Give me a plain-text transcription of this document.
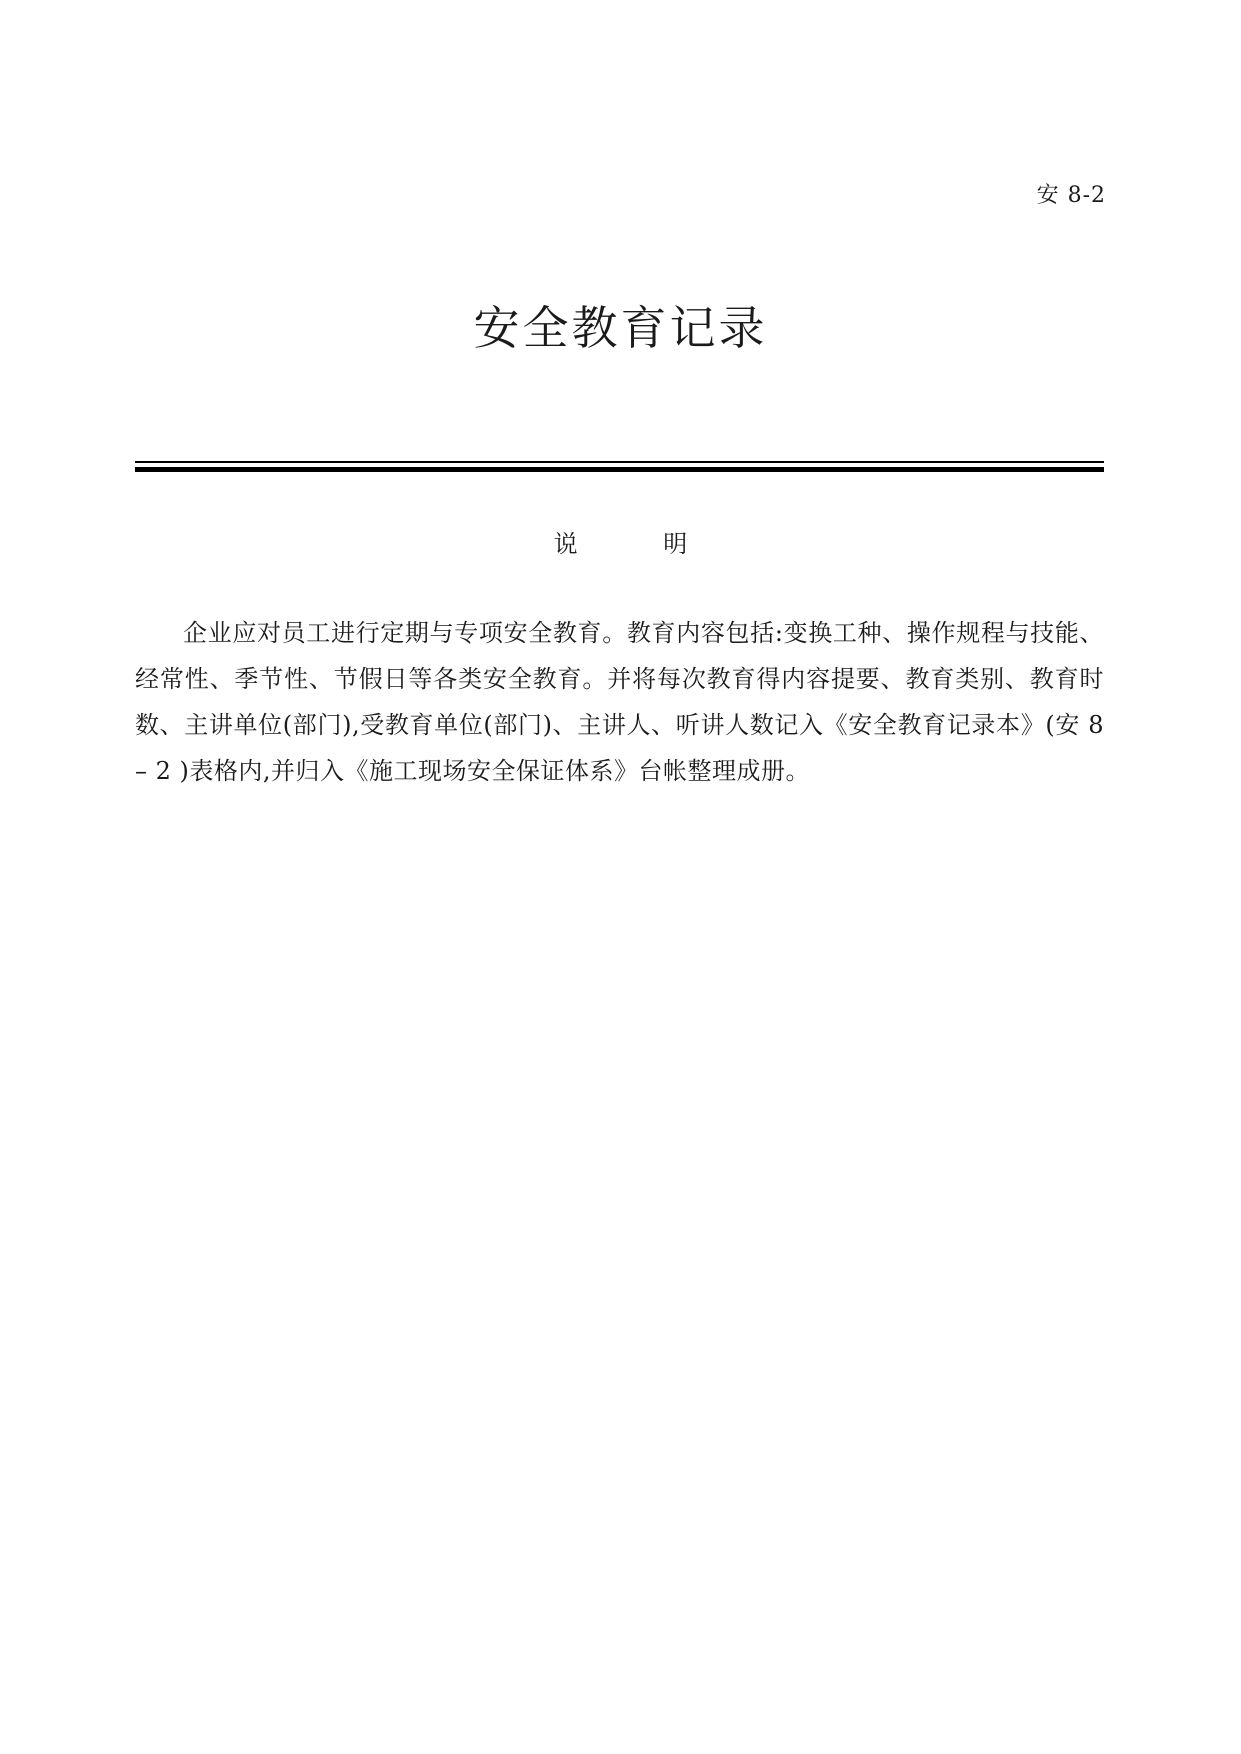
安 8-2
安全教育记录
说 明

企业应对员工进行定期与专项安全教育。教育内容包括:变换工种、操作规程与技能、经常性、季节性、节假日等各类安全教育。并将每次教育得内容提要、教育类别、教育时数、主讲单位(部门),受教育单位(部门)、主讲人、听讲人数记入《安全教育记录本》(安 8 – 2 )表格内,并归入《施工现场安全保证体系》台帐整理成册。
